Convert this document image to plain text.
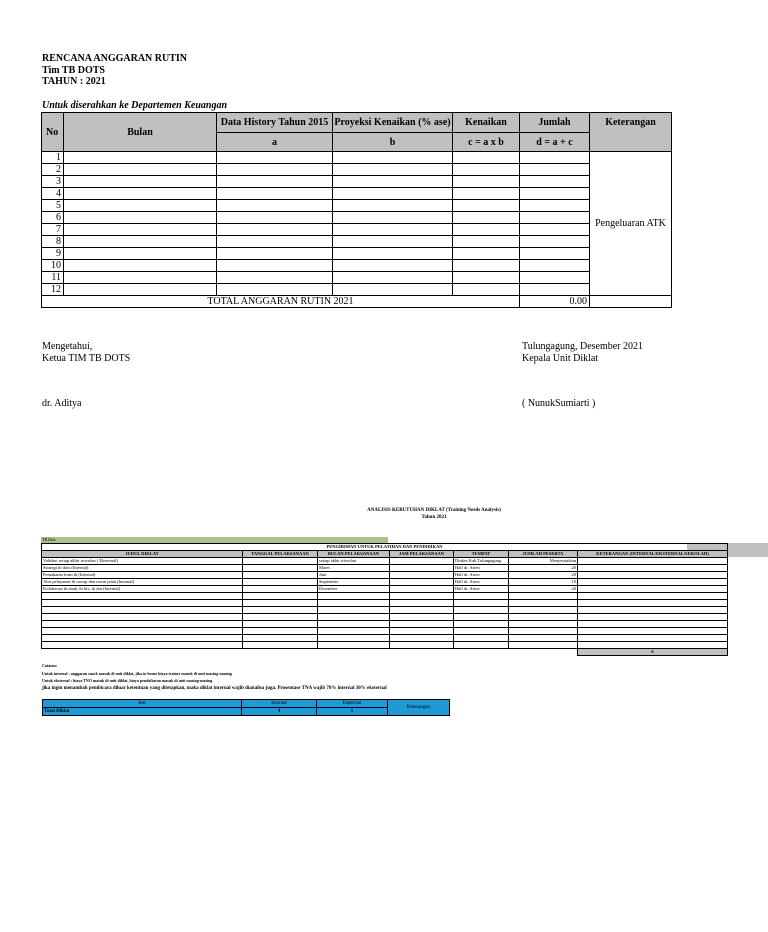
RENCANA ANGGARAN RUTIN
Tim TB DOTS
TAHUN : 2021
Untuk diserahkan ke Departemen Keuangan
No	Bulan	Data History Tahun 2015	Proyeksi Kenaikan (% ase)	Kenaikan	Jumlah	Keterangan
		a	b	c = a x b	d = a + c	
1						Pengeluaran ATK
2						
3						
4						
5						
6						
7						
8						
9						
10						
11						
12						
TOTAL ANGGARAN RUTIN 2021					0.00	
Mengetahui,
Ketua TIM TB DOTS
dr. Aditya
Tulungagung, Desember 2021
Kepala Unit Diklat
( NunukSumiarti )
ANALISIS KEBUTUHAN DIKLAT (Training Needs Analysis)
Tahun 2021
TB Dots
PENGIRIMAN UNTUK PELATIHAN DAN PENDIDIKAN						
JUDUL DIKLAT	TANGGAL PELAKSANAAN	BULAN PELAKSANAAN	JAM PELAKSANAAN	TEMPAT	JUMLAH PESERTA	KETERANGAN (INTERNAL/EKSTERNAL/SEKOLAH)
Validasi setiap akhir triwulan ( Eksternal)		setiap akhir triwulan		Dinkes Kab Tulungagung	Menyesuaikan	
Strategi tb dots (Internal)		Maret		Hall dr. Arien	20	
Pemakaian form tb (Internal)		Juni		Hall dr. Arien	20	
Alur pelayanan tb rawap dan rawat jalan (Internal)		September		Hall dr. Arien	10	
Kolaborasi tb anak, tb hiv, tb dm (Internal)		Desember		Hall dr. Arien	20	

						0
Catatan:
Untuk internal : anggaran snack masuk di unit diklat, jika in house biaya trainer masuk di unit masing-masing
Untuk eksternal : biaya TNO masuk di unit diklat, biaya pendaftaran masuk di unit masing-masing
jika ingin menambah pembicara diluar ketentuan yang ditetapkan, maka diklat internal wajib dianalisa juga. Prosentase TNA wajib 70% internal 30% eksternal
Ket	Internal	Eksternal	Keterangan
Total Diklat	4	1	
